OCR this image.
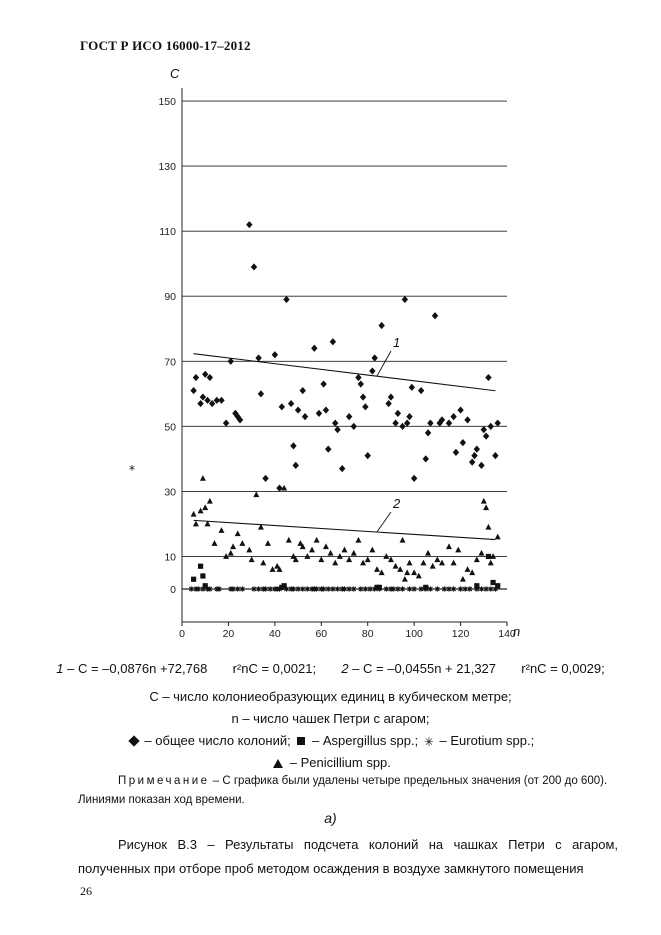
ГОСТ Р ИСО 16000-17–2012
0
10
30
50
70
90
110
130
150
0	20	40	60	80	100	120	140
C
n
*
1
2
1 – C = –0,0876n +72,768 r²nC = 0,0021; 2 – C = –0,0455n + 21,327 r²nC = 0,0029;
C – число колониеобразующих единиц в кубическом метре;
n – число чашек Петри с агаром;
– общее число колоний; – Aspergillus spp.; ✳ – Eurotium spp.;
– Penicillium spp.
Примечание – С графика были удалены четыре предельных значения (от 200 до 600).
Линиями показан ход времени.
а)
Рисунок В.3 – Результаты подсчета колоний на чашках Петри с агаром, полученных при отборе проб методом осаждения в воздухе замкнутого помещения
26
